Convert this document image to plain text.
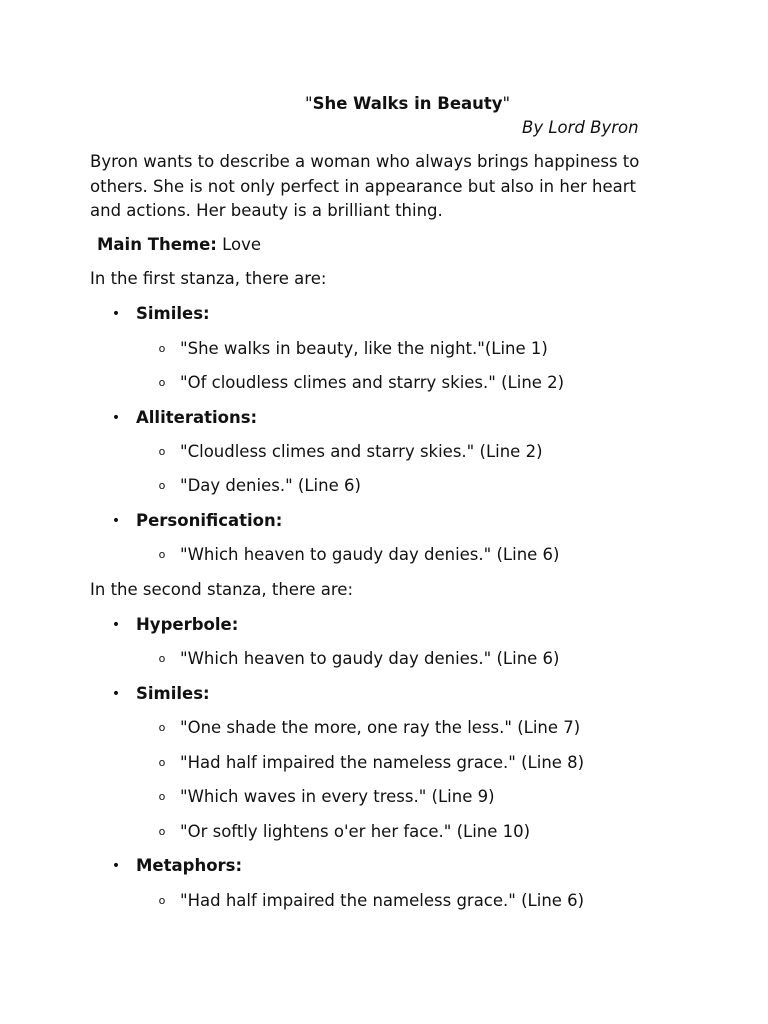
"She Walks in Beauty"
By Lord Byron
Byron wants to describe a woman who always brings happiness to
others. She is not only perfect in appearance but also in her heart
and actions. Her beauty is a brilliant thing.
Main Theme: Love
In the first stanza, there are:
• Similes:
o "She walks in beauty, like the night."(Line 1)
o "Of cloudless climes and starry skies." (Line 2)
• Alliterations:
o "Cloudless climes and starry skies." (Line 2)
o "Day denies." (Line 6)
• Personification:
o "Which heaven to gaudy day denies." (Line 6)
In the second stanza, there are:
• Hyperbole:
o "Which heaven to gaudy day denies." (Line 6)
• Similes:
o "One shade the more, one ray the less." (Line 7)
o "Had half impaired the nameless grace." (Line 8)
o "Which waves in every tress." (Line 9)
o "Or softly lightens o'er her face." (Line 10)
• Metaphors:
o "Had half impaired the nameless grace." (Line 6)
